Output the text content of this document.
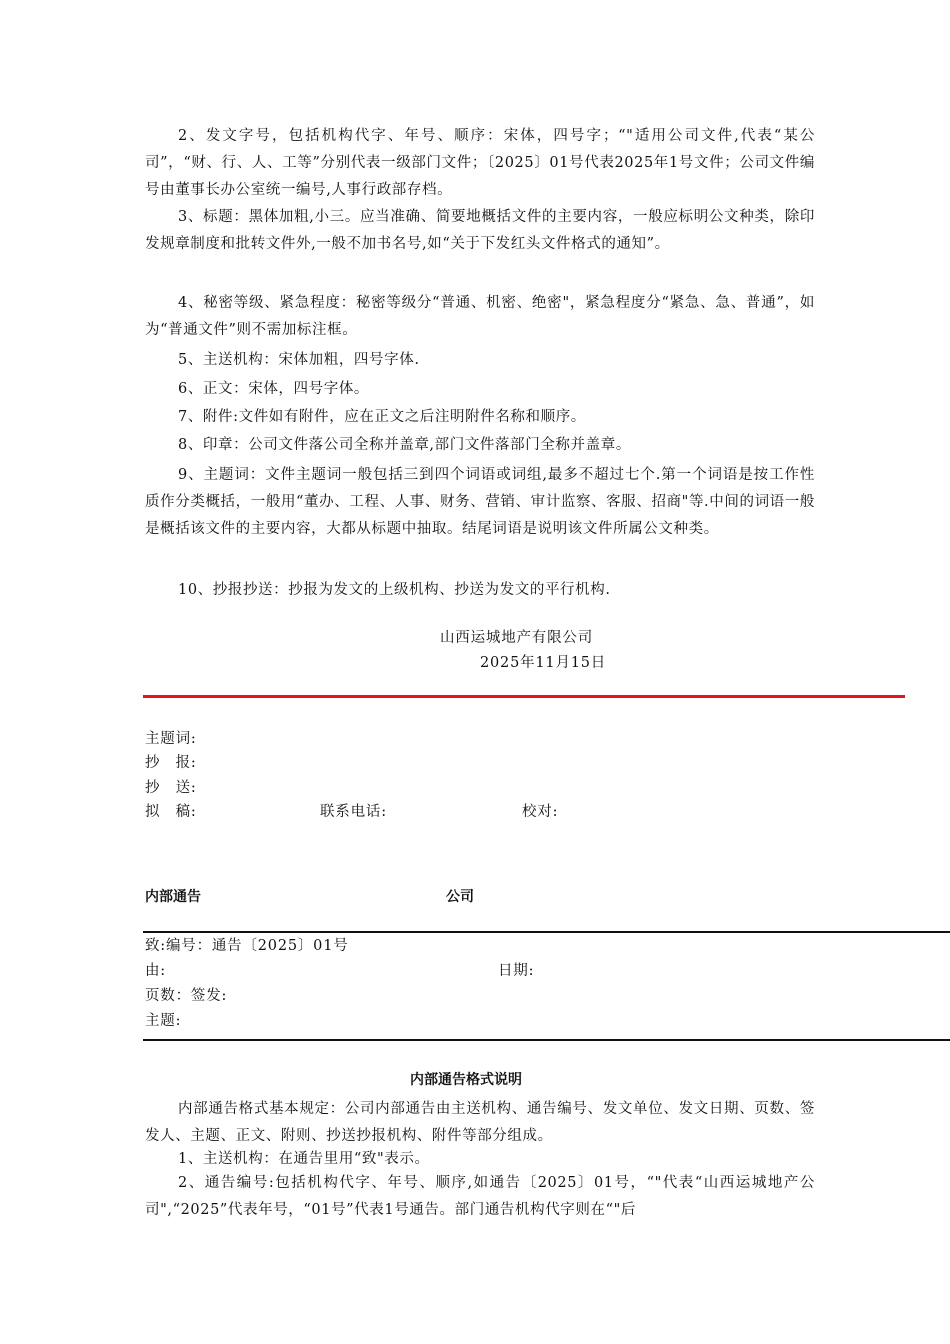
2、发文字号，包括机构代字、年号、顺序：宋体，四号字；“"适用公司文件,代表“某公司”，“财、行、人、工等”分别代表一级部门文件；〔2025〕01号代表2025年1号文件；公司文件编号由董事长办公室统一编号,人事行政部存档。

3、标题：黑体加粗,小三。应当准确、简要地概括文件的主要内容，一般应标明公文种类，除印发规章制度和批转文件外,一般不加书名号,如“关于下发红头文件格式的通知”。

4、秘密等级、紧急程度：秘密等级分“普通、机密、绝密"，紧急程度分“紧急、急、普通”，如为“普通文件”则不需加标注框。

5、主送机构：宋体加粗，四号字体.

6、正文：宋体，四号字体。

7、附件:文件如有附件，应在正文之后注明附件名称和顺序。

8、印章：公司文件落公司全称并盖章,部门文件落部门全称并盖章。

9、主题词：文件主题词一般包括三到四个词语或词组,最多不超过七个.第一个词语是按工作性质作分类概括，一般用“董办、工程、人事、财务、营销、审计监察、客服、招商"等.中间的词语一般是概括该文件的主要内容，大都从标题中抽取。结尾词语是说明该文件所属公文种类。

10、抄报抄送：抄报为发文的上级机构、抄送为发文的平行机构.

山西运城地产有限公司

2025年11月15日

主题词:

抄　报:

抄　送:

拟　稿:	联系电话:	校对:

内部通告	公司

致:编号：通告〔2025〕01号

由:	日期:

页数：签发:

主题:

内部通告格式说明

内部通告格式基本规定：公司内部通告由主送机构、通告编号、发文单位、发文日期、页数、签发人、主题、正文、附则、抄送抄报机构、附件等部分组成。

1、主送机构：在通告里用“致"表示。

2、通告编号:包括机构代字、年号、顺序,如通告〔2025〕01号，“"代表“山西运城地产公司",“2025”代表年号，“01号”代表1号通告。部门通告机构代字则在“"后
